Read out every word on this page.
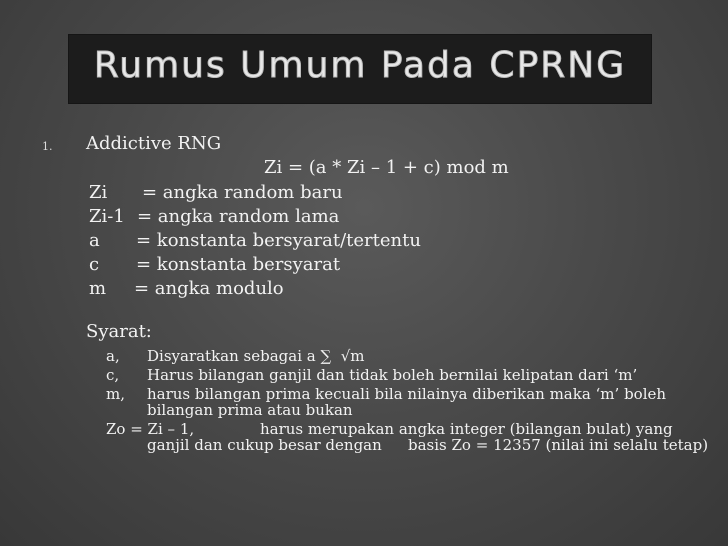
Rumus Umum Pada CPRNG
1. Addictive RNG
Zi = (a * Zi – 1 + c) mod m
Zi = angka random baru
Zi-1 = angka random lama
a = konstanta bersyarat/tertentu
c = konstanta bersyarat
m = angka modulo
Syarat:
a, Disyaratkan sebagai a ∑  √m
c, Harus bilangan ganjil dan tidak boleh bernilai kelipatan dari ‘m’
m, harus bilangan prima kecuali bila nilainya diberikan maka ‘m’ boleh
bilangan prima atau bukan
Zo = Zi – 1,	harus merupakan angka integer (bilangan bulat) yang
ganjil dan cukup besar dengan basis Zo = 12357 (nilai ini selalu tetap)
